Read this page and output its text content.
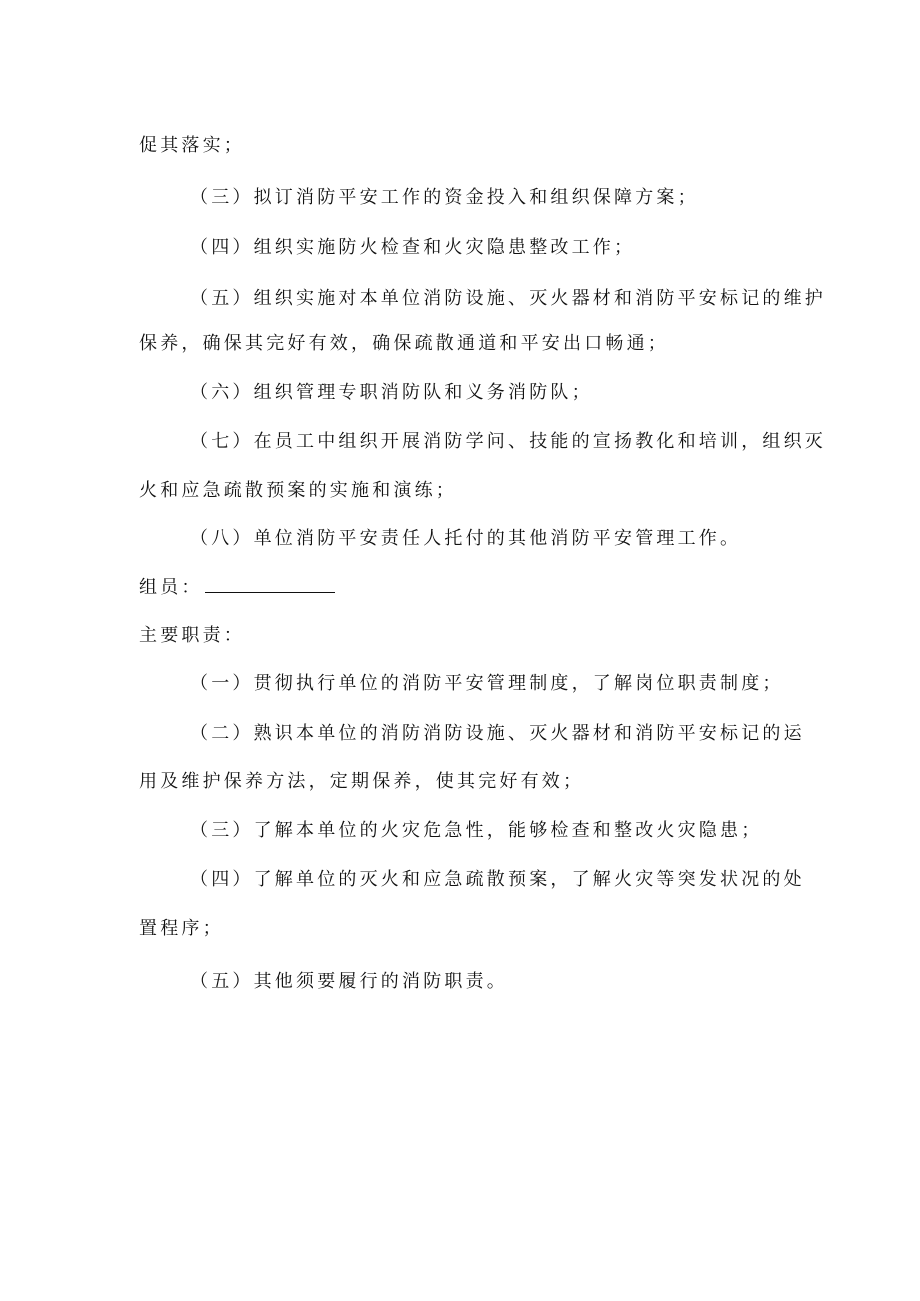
促其落实；
（三）拟订消防平安工作的资金投入和组织保障方案；
（四）组织实施防火检查和火灾隐患整改工作；
（五）组织实施对本单位消防设施、灭火器材和消防平安标记的维护
保养，确保其完好有效，确保疏散通道和平安出口畅通；
（六）组织管理专职消防队和义务消防队；
（七）在员工中组织开展消防学问、技能的宣扬教化和培训，组织灭
火和应急疏散预案的实施和演练；
（八）单位消防平安责任人托付的其他消防平安管理工作。
组员：
主要职责：
（一）贯彻执行单位的消防平安管理制度，了解岗位职责制度；
（二）熟识本单位的消防消防设施、灭火器材和消防平安标记的运
用及维护保养方法，定期保养，使其完好有效；
（三）了解本单位的火灾危急性，能够检查和整改火灾隐患；
（四）了解单位的灭火和应急疏散预案，了解火灾等突发状况的处
置程序；
（五）其他须要履行的消防职责。
